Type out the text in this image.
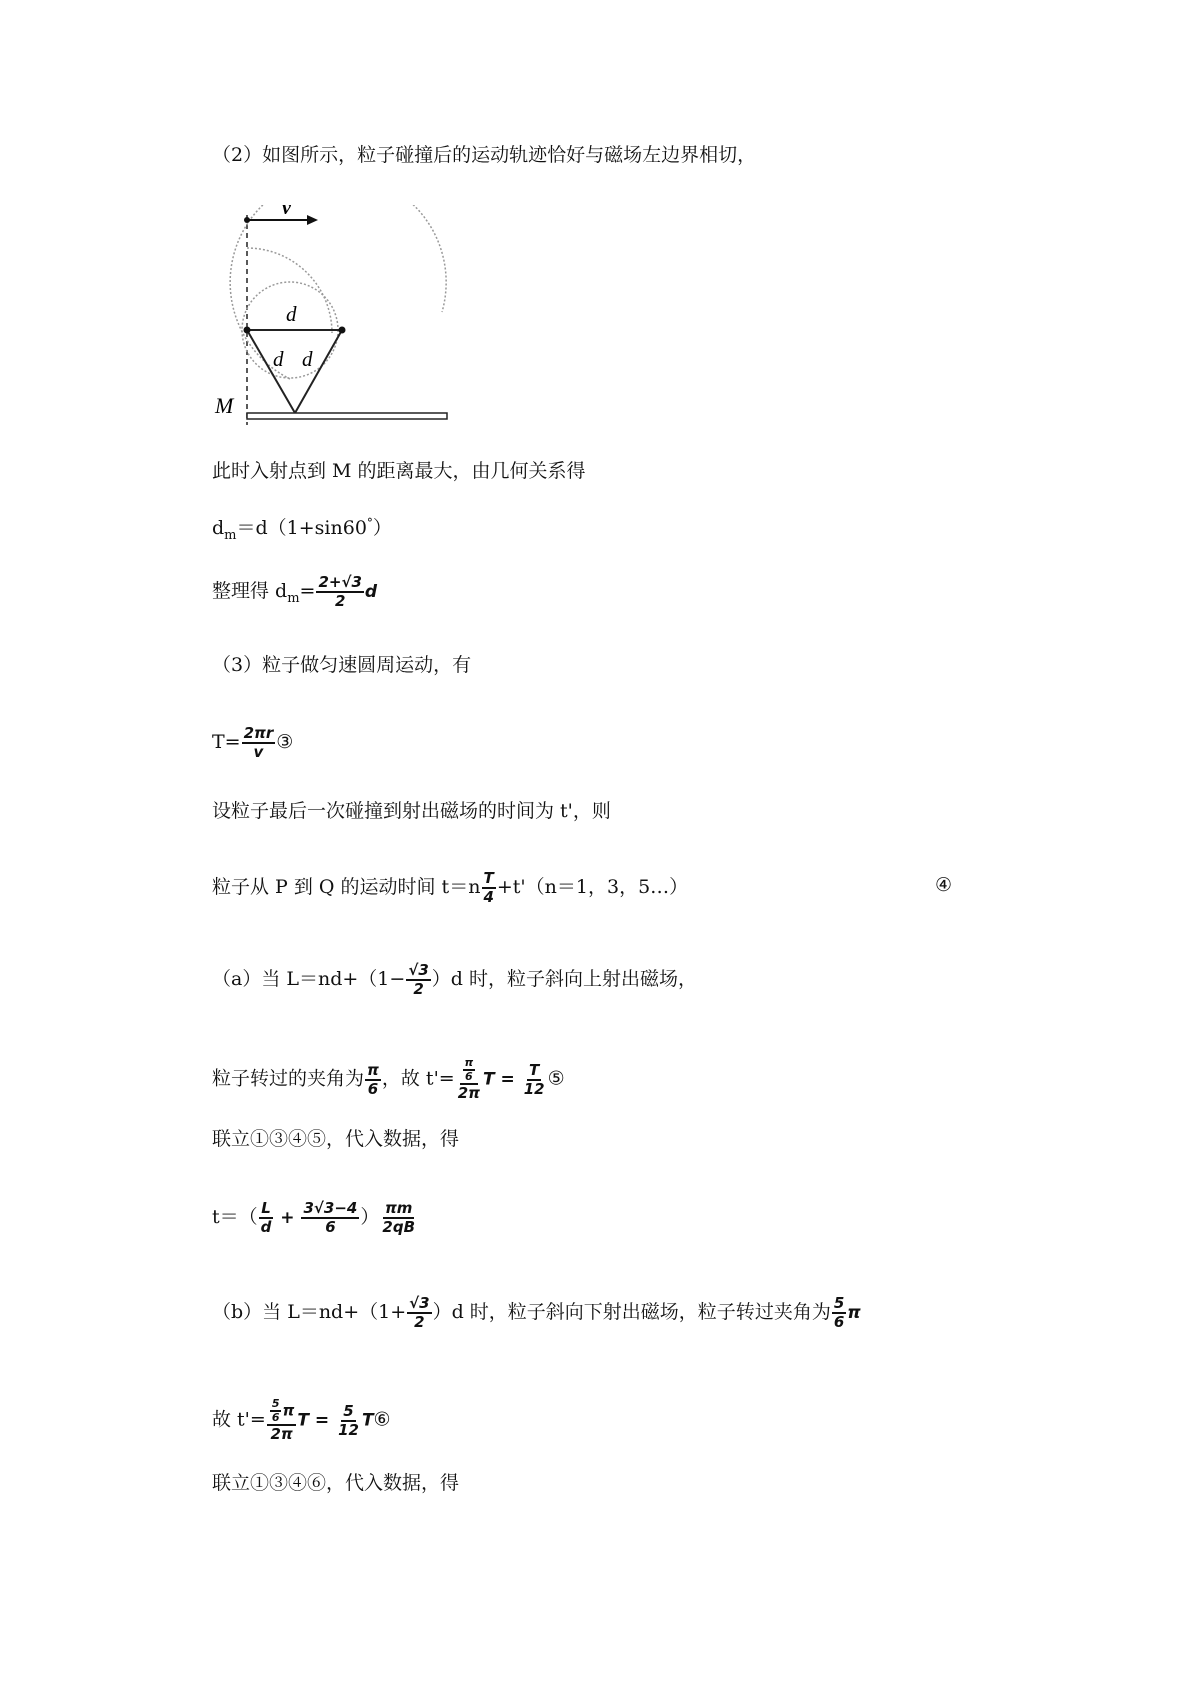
（2）如图所示，粒子碰撞后的运动轨迹恰好与磁场左边界相切，
v
d
d d
M
此时入射点到 M 的距离最大，由几何关系得
$d_m=d(1+\sin 60^\circ)$
整理得 $d_m= \frac{2+√3}{2}$ d
（3）粒子做匀速圆周运动，有
$T= \frac{2\pi r}{v}$ ③
设粒子最后一次碰撞到射出磁场的时间为 t'，则
粒子从 P 到 Q 的运动时间 $t=n \frac{T}{4} +t'(n=1$，3，5…）	④
（a）当 $L=nd+(1- \frac{√3}{2} )d$ 时，粒子斜向上射出磁场，
粒子转过的夹角为 $\frac{\pi}{6}$ ，故 $t'= \frac{\frac{\pi}{6}}{2\pi}$ $T = \frac{T}{12}$ ⑤
联立①③④⑤，代入数据，得
$t=( \frac{L}{d} + \frac{3√3-4}{6}$ ） $\frac{\pi m}{2qB}$
（b）当 $L=nd+(1+ \frac{√3}{2} )d$ 时，粒子斜向下射出磁场，粒子转过夹角为 $\frac{5}{6}$ π
故 $t'= \frac{\frac{5}{6} \pi}{2\pi}$ $T = \frac{5}{12}$ T⑥
联立①③④⑥，代入数据，得
